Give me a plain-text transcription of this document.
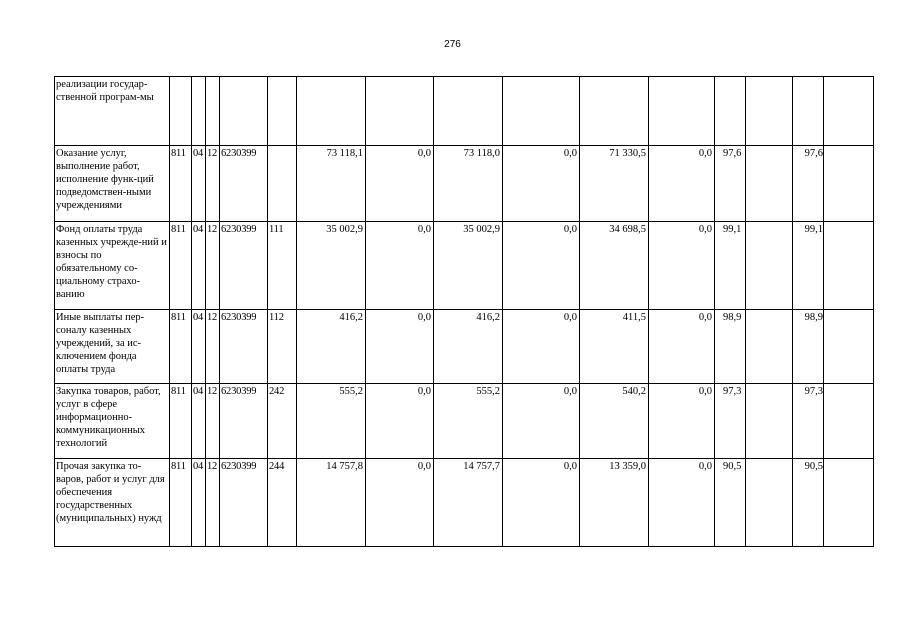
276
реализации государ-ственной програм-мы															
Оказание услуг, выполнение работ, исполнение функ-ций подведомствен-ными учреждениями	811	04	12	6230399		73 118,1	0,0	73 118,0	0,0	71 330,5	0,0	97,6		97,6	
Фонд оплаты труда казенных учрежде-ний и взносы по обязательному со-циальному страхо-ванию	811	04	12	6230399	111	35 002,9	0,0	35 002,9	0,0	34 698,5	0,0	99,1		99,1	
Иные выплаты пер-соналу казенных учреждений, за ис-ключением фонда оплаты труда	811	04	12	6230399	112	416,2	0,0	416,2	0,0	411,5	0,0	98,9		98,9	
Закупка товаров, работ, услуг в сфере информационно-коммуникационных технологий	811	04	12	6230399	242	555,2	0,0	555,2	0,0	540,2	0,0	97,3		97,3	
Прочая закупка то-варов, работ и услуг для обеспечения государственных (муниципальных) нужд	811	04	12	6230399	244	14 757,8	0,0	14 757,7	0,0	13 359,0	0,0	90,5		90,5	
